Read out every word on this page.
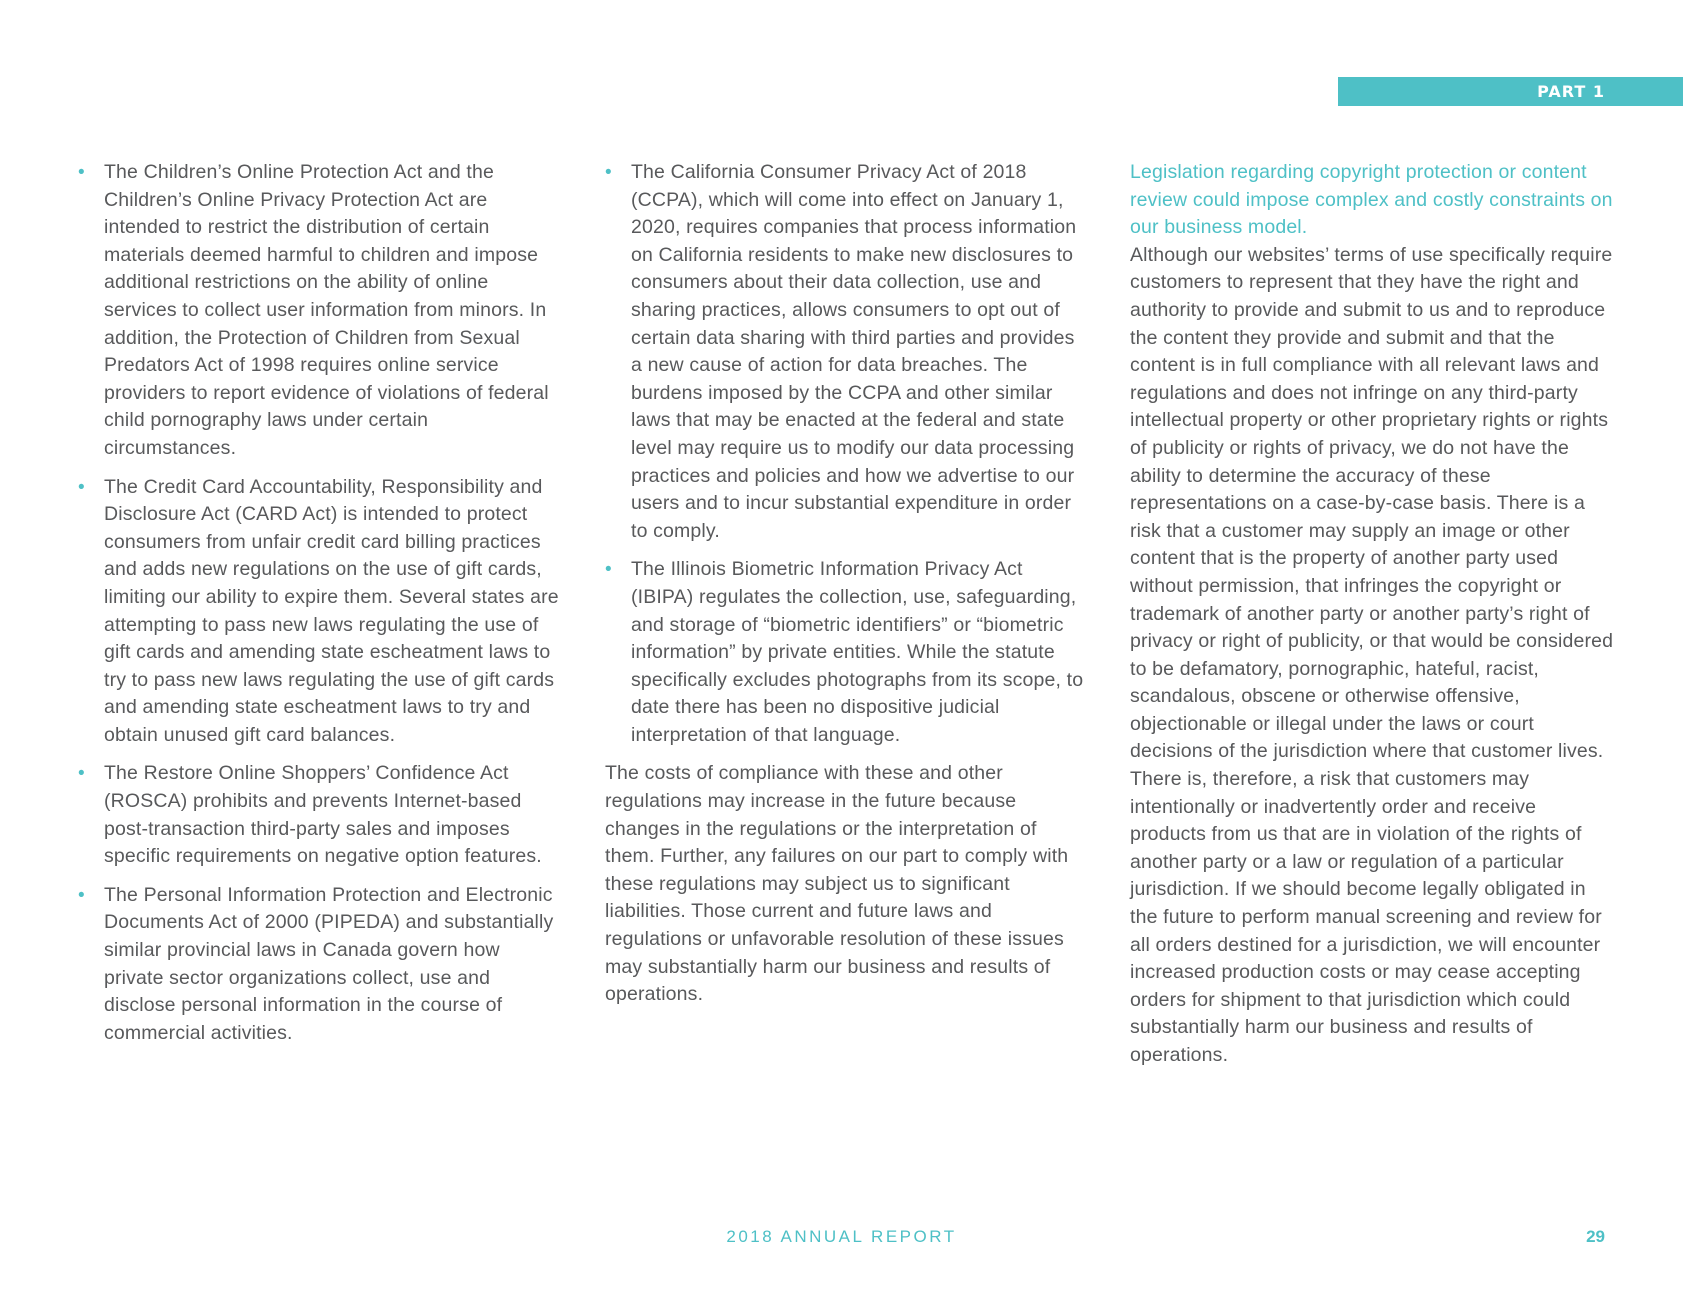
PART 1
• The Children’s Online Protection Act and the Children’s Online Privacy Protection Act are intended to restrict the distribution of certain materials deemed harmful to children and impose additional restrictions on the ability of online services to collect user information from minors. In addition, the Protection of Children from Sexual Predators Act of 1998 requires online service providers to report evidence of violations of federal child pornography laws under certain circumstances.
• The Credit Card Accountability, Responsibility and Disclosure Act (CARD Act) is intended to protect consumers from unfair credit card billing practices and adds new regulations on the use of gift cards, limiting our ability to expire them. Several states are attempting to pass new laws regulating the use of gift cards and amending state escheatment laws to try to pass new laws regulating the use of gift cards and amending state escheatment laws to try and obtain unused gift card balances.
• The Restore Online Shoppers’ Confidence Act (ROSCA) prohibits and prevents Internet-based post-transaction third-party sales and imposes specific requirements on negative option features.
• The Personal Information Protection and Electronic Documents Act of 2000 (PIPEDA) and substantially similar provincial laws in Canada govern how private sector organizations collect, use and disclose personal information in the course of commercial activities.
• The California Consumer Privacy Act of 2018 (CCPA), which will come into effect on January 1, 2020, requires companies that process information on California residents to make new disclosures to consumers about their data collection, use and sharing practices, allows consumers to opt out of certain data sharing with third parties and provides a new cause of action for data breaches. The burdens imposed by the CCPA and other similar laws that may be enacted at the federal and state level may require us to modify our data processing practices and policies and how we advertise to our users and to incur substantial expenditure in order to comply.
• The Illinois Biometric Information Privacy Act (IBIPA) regulates the collection, use, safeguarding, and storage of “biometric identifiers” or “biometric information” by private entities. While the statute specifically excludes photographs from its scope, to date there has been no dispositive judicial interpretation of that language.

The costs of compliance with these and other regulations may increase in the future because changes in the regulations or the interpretation of them. Further, any failures on our part to comply with these regulations may subject us to significant liabilities. Those current and future laws and regulations or unfavorable resolution of these issues may substantially harm our business and results of operations.

Legislation regarding copyright protection or content review could impose complex and costly constraints on our business model.

Although our websites’ terms of use specifically require customers to represent that they have the right and authority to provide and submit to us and to reproduce the content they provide and submit and that the content is in full compliance with all relevant laws and regulations and does not infringe on any third-party intellectual property or other proprietary rights or rights of publicity or rights of privacy, we do not have the ability to determine the accuracy of these representations on a case-by-case basis. There is a risk that a customer may supply an image or other content that is the property of another party used without permission, that infringes the copyright or trademark of another party or another party’s right of privacy or right of publicity, or that would be considered to be defamatory, pornographic, hateful, racist, scandalous, obscene or otherwise offensive, objectionable or illegal under the laws or court decisions of the jurisdiction where that customer lives. There is, therefore, a risk that customers may intentionally or inadvertently order and receive products from us that are in violation of the rights of another party or a law or regulation of a particular jurisdiction. If we should become legally obligated in the future to perform manual screening and review for all orders destined for a jurisdiction, we will encounter increased production costs or may cease accepting orders for shipment to that jurisdiction which could substantially harm our business and results of operations.

2018 ANNUAL REPORT	29
